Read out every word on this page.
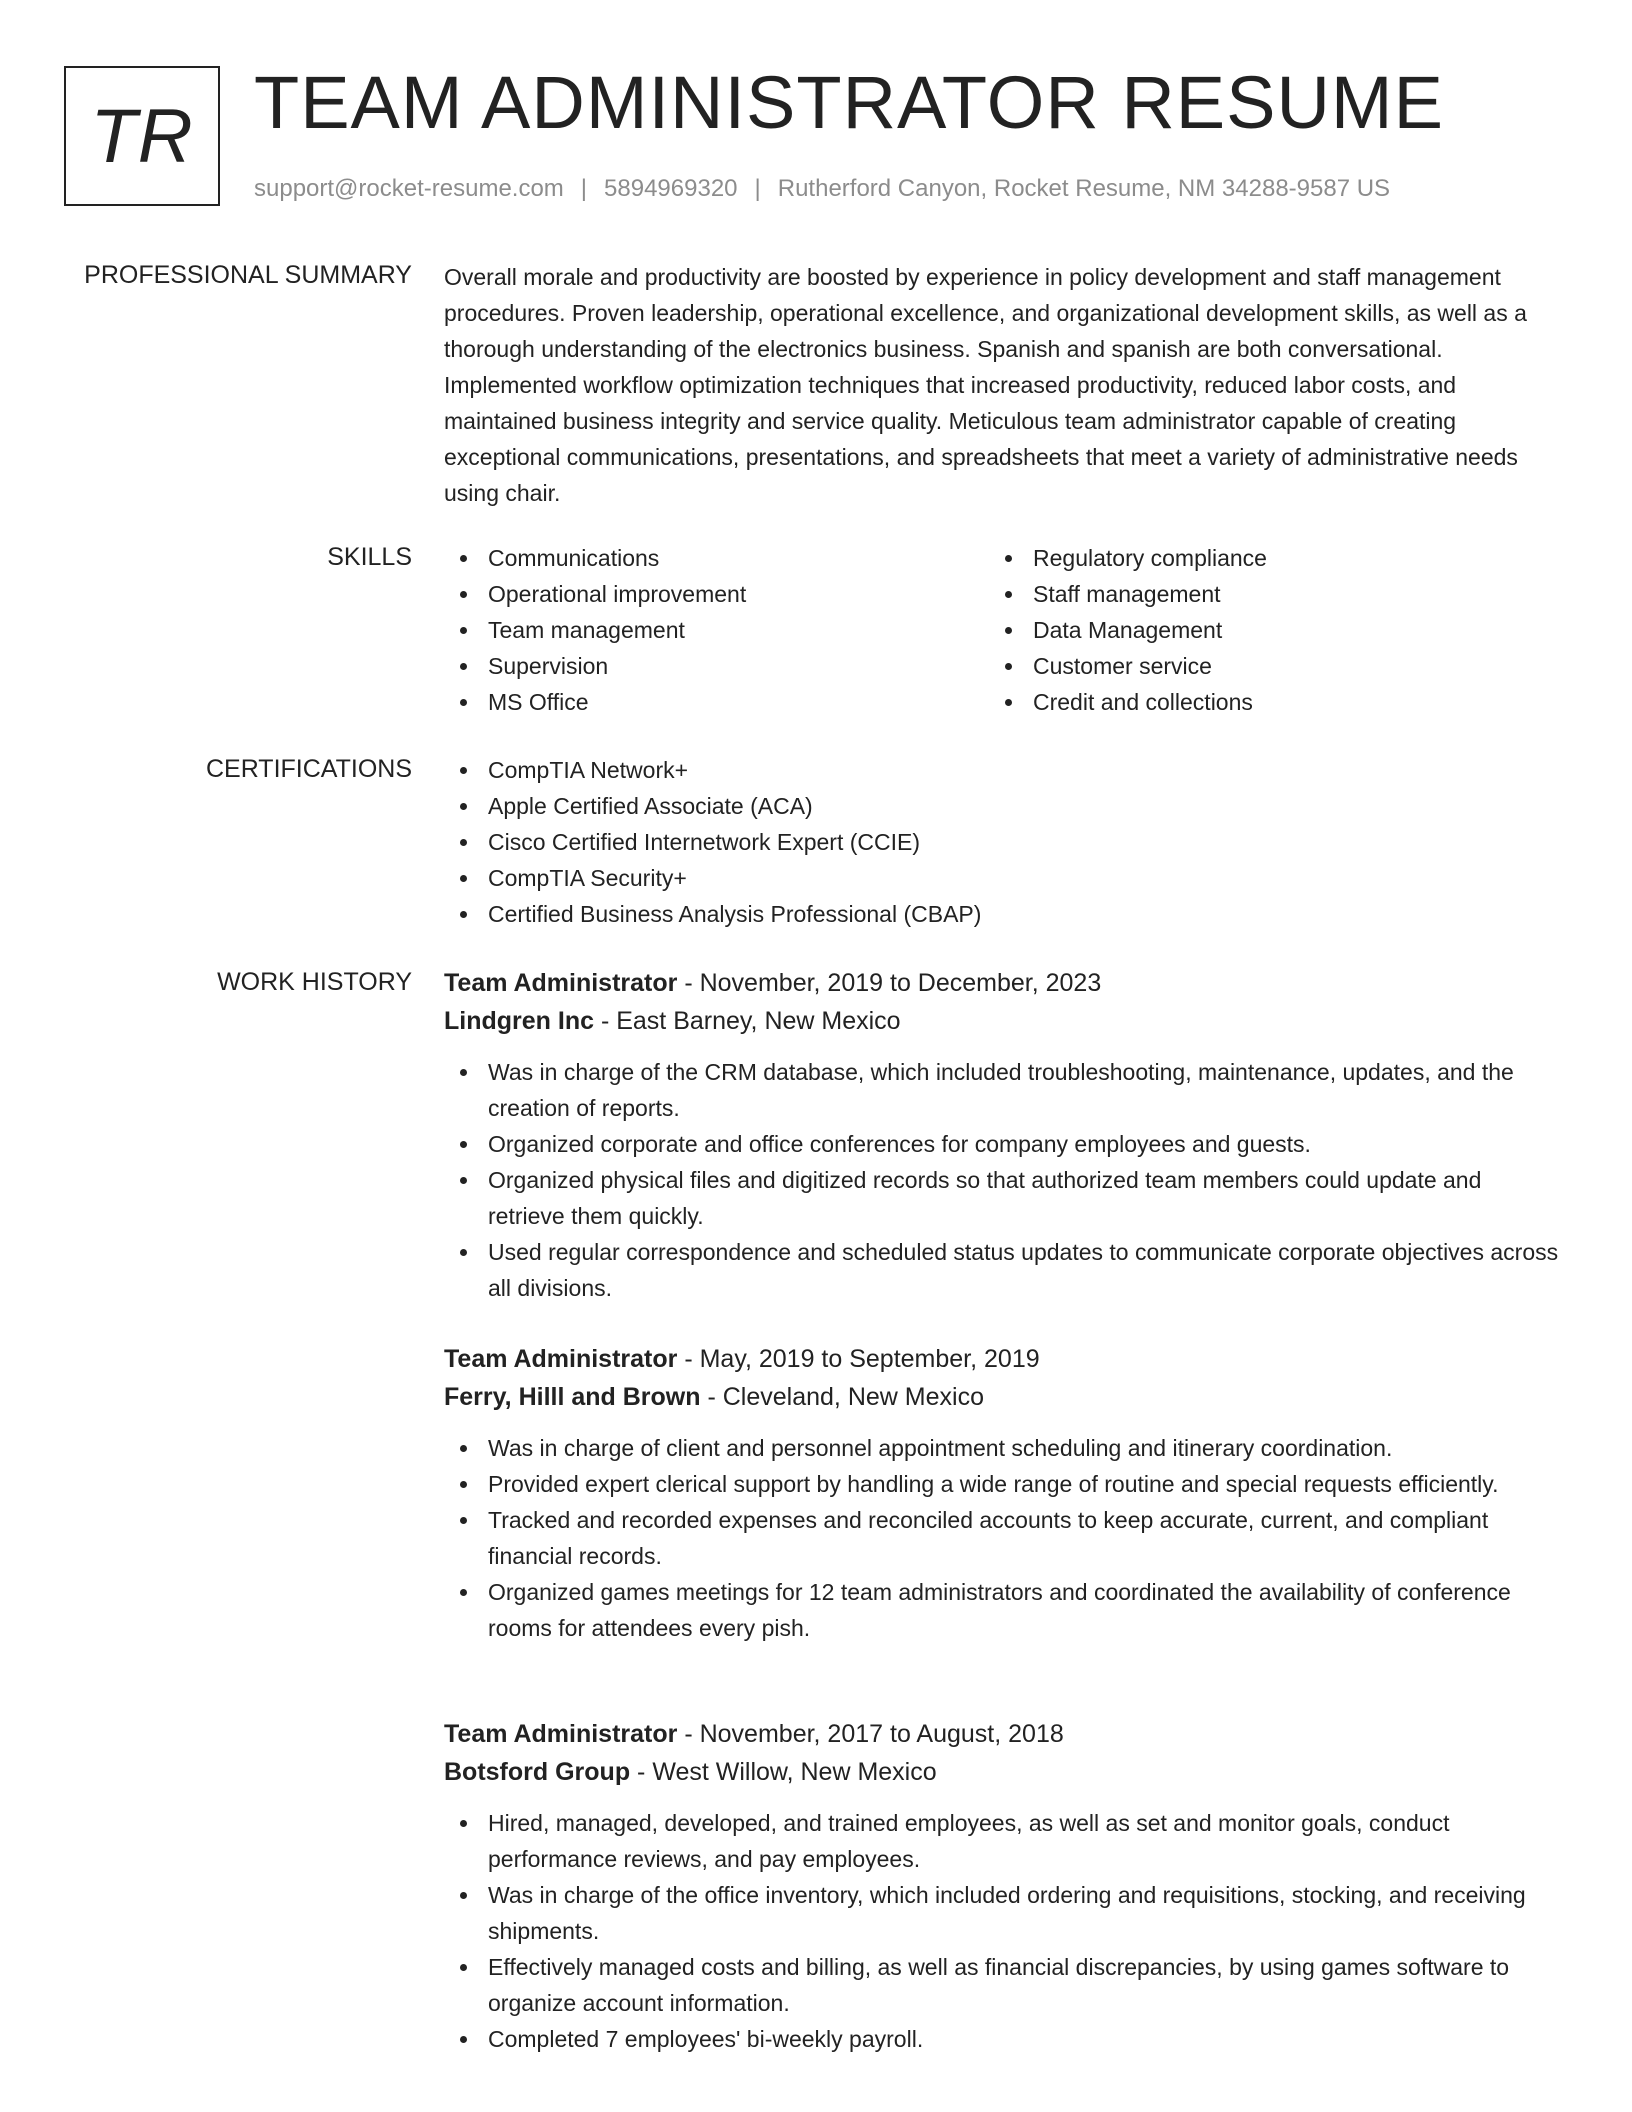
TR TEAM ADMINISTRATOR RESUME
support@rocket-resume.com | 5894969320 | Rutherford Canyon, Rocket Resume, NM 34288-9587 US
PROFESSIONAL SUMMARY Overall morale and productivity are boosted by experience in policy development and staff management procedures. Proven leadership, operational excellence, and organizational development skills, as well as a thorough understanding of the electronics business. Spanish and spanish are both conversational. Implemented workflow optimization techniques that increased productivity, reduced labor costs, and maintained business integrity and service quality. Meticulous team administrator capable of creating exceptional communications, presentations, and spreadsheets that meet a variety of administrative needs using chair.

SKILLS	Communications
Operational improvement
Team management
Supervision
MS Office
Regulatory compliance
Staff management
Data Management
Customer service
Credit and collections
CERTIFICATIONS	CompTIA Network+
Apple Certified Associate (ACA)
Cisco Certified Internetwork Expert (CCIE)
CompTIA Security+
Certified Business Analysis Professional (CBAP)
WORK HISTORY Team Administrator - November, 2019 to December, 2023
Lindgren Inc - East Barney, New Mexico
Was in charge of the CRM database, which included troubleshooting, maintenance, updates, and the creation of reports.
Organized corporate and office conferences for company employees and guests.
Organized physical files and digitized records so that authorized team members could update and retrieve them quickly.
Used regular correspondence and scheduled status updates to communicate corporate objectives across all divisions.
Team Administrator - May, 2019 to September, 2019
Ferry, Hilll and Brown - Cleveland, New Mexico
Was in charge of client and personnel appointment scheduling and itinerary coordination.
Provided expert clerical support by handling a wide range of routine and special requests efficiently.
Tracked and recorded expenses and reconciled accounts to keep accurate, current, and compliant financial records.
Organized games meetings for 12 team administrators and coordinated the availability of conference rooms for attendees every pish.
Team Administrator - November, 2017 to August, 2018
Botsford Group - West Willow, New Mexico
Hired, managed, developed, and trained employees, as well as set and monitor goals, conduct performance reviews, and pay employees.
Was in charge of the office inventory, which included ordering and requisitions, stocking, and receiving shipments.
Effectively managed costs and billing, as well as financial discrepancies, by using games software to organize account information.
Completed 7 employees' bi-weekly payroll.
